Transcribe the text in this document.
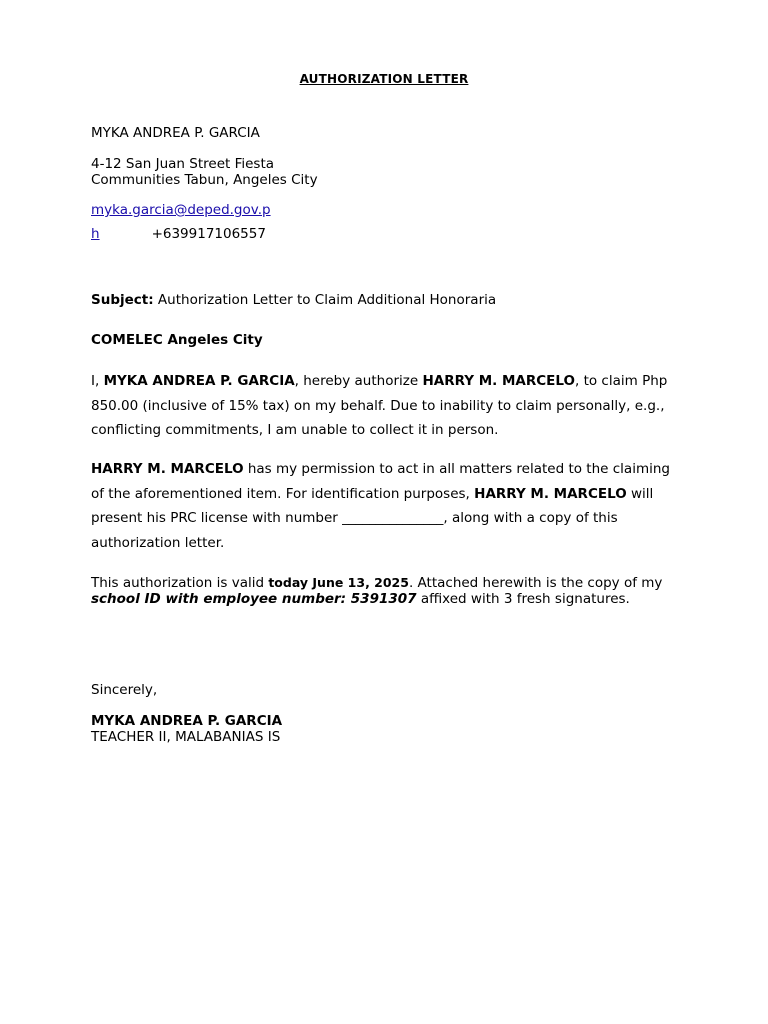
AUTHORIZATION LETTER
MYKA ANDREA P. GARCIA
4-12 San Juan Street Fiesta
Communities Tabun, Angeles City
myka.garcia@deped.gov.p
h	+639917106557
Subject: Authorization Letter to Claim Additional Honoraria
COMELEC Angeles City
I, MYKA ANDREA P. GARCIA, hereby authorize HARRY M. MARCELO, to claim Php 850.00 (inclusive of 15% tax) on my behalf. Due to inability to claim personally, e.g., conflicting commitments, I am unable to collect it in person.
HARRY M. MARCELO has my permission to act in all matters related to the claiming of the aforementioned item. For identification purposes, HARRY M. MARCELO will present his PRC license with number _______________, along with a copy of this authorization letter.
This authorization is valid today June 13, 2025. Attached herewith is the copy of my school ID with employee number: 5391307 affixed with 3 fresh signatures.
Sincerely,
MYKA ANDREA P. GARCIA
TEACHER II, MALABANIAS IS
